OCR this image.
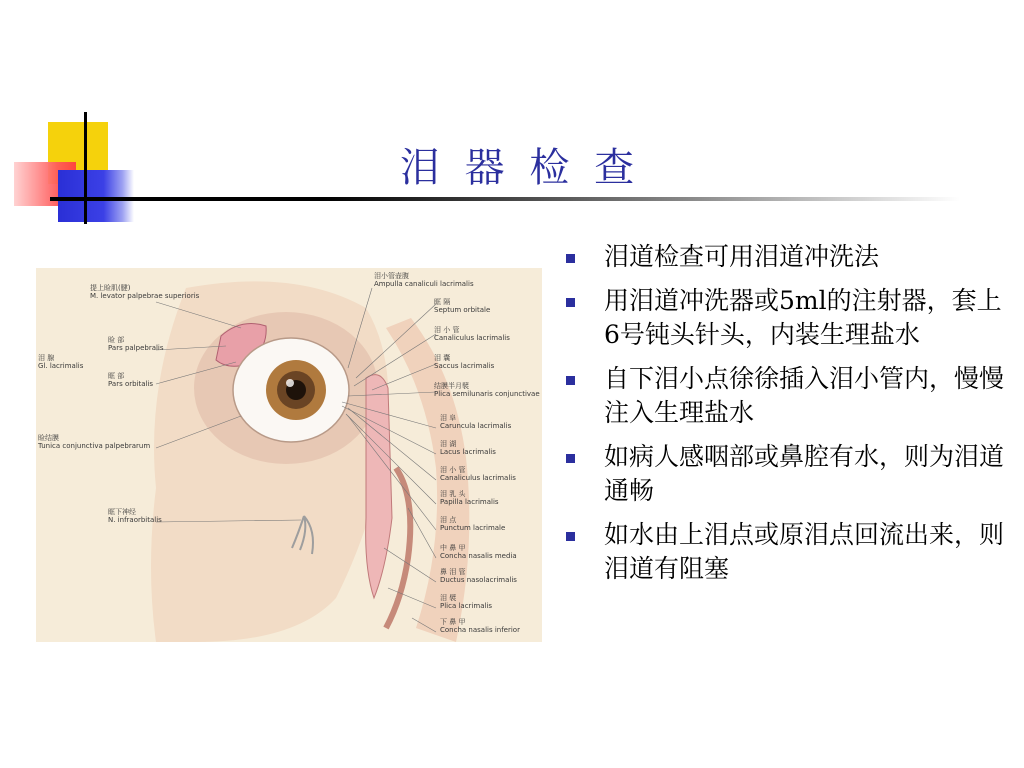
泪 器 检 查
提上睑肌(腱)
M. levator palpebrae superioris
睑 部
Pars palpebralis
泪 腺
Gl. lacrimalis
眶 部
Pars orbitalis
睑结膜
Tunica conjunctiva palpebrarum
眶下神经
N. infraorbitalis
泪小管壶腹
Ampulla canaliculi lacrimalis
眶 隔
Septum orbitale
泪 小 管
Canaliculus lacrimalis
泪 囊
Saccus lacrimalis
结膜半月襞
Plica semilunaris conjunctivae
泪 阜
Caruncula lacrimalis
泪 湖
Lacus lacrimalis
泪 小 管
Canaliculus lacrimalis
泪 乳 头
Papilla lacrimalis
泪 点
Punctum lacrimale
中 鼻 甲
Concha nasalis media
鼻 泪 管
Ductus nasolacrimalis
泪 襞
Plica lacrimalis
下 鼻 甲
Concha nasalis inferior
泪道检查可用泪道冲洗法
用泪道冲洗器或5ml的注射器，套上6号钝头针头，内装生理盐水
自下泪小点徐徐插入泪小管内，慢慢注入生理盐水
如病人感咽部或鼻腔有水，则为泪道通畅
如水由上泪点或原泪点回流出来，则泪道有阻塞
